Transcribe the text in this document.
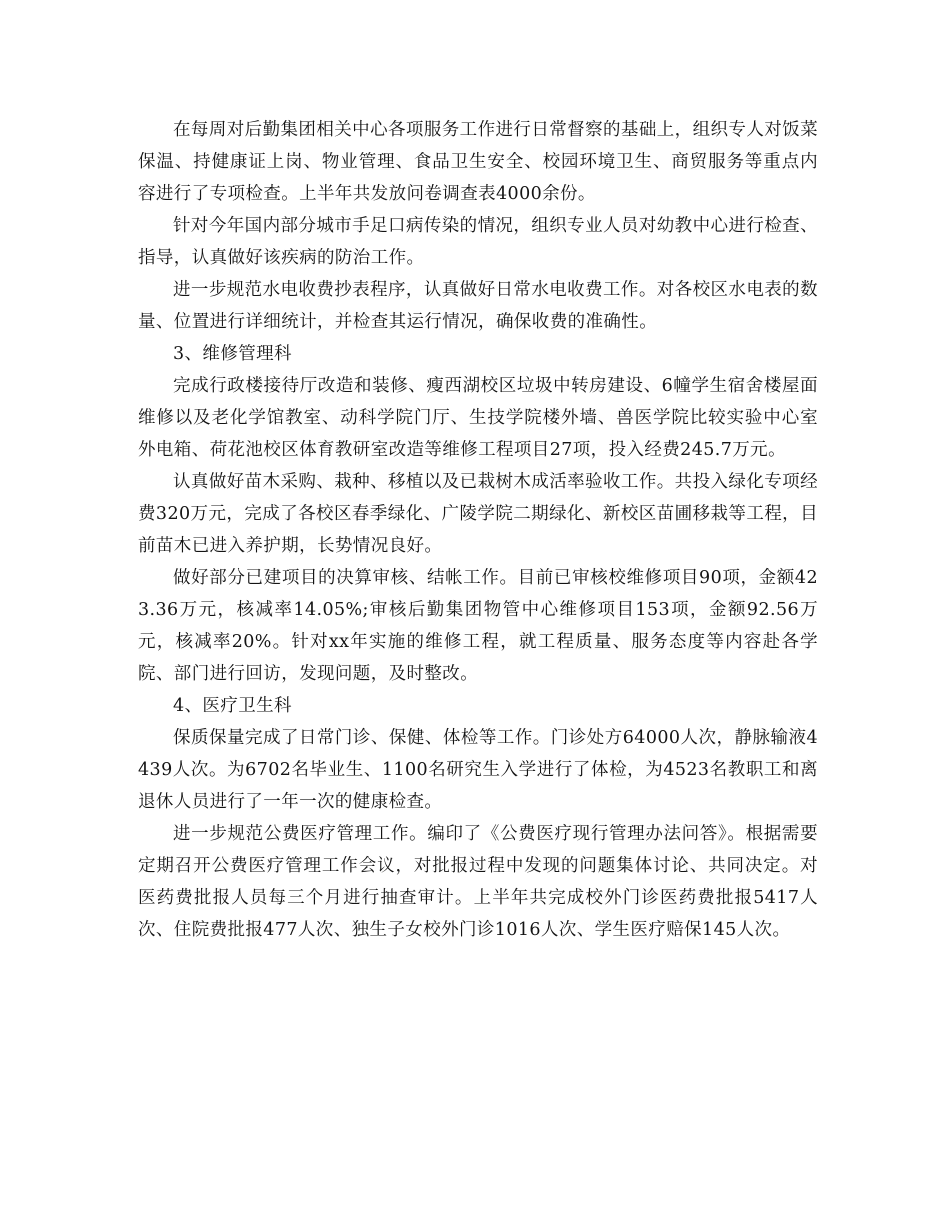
在每周对后勤集团相关中心各项服务工作进行日常督察的基础上，组织专人对饭菜保温、持健康证上岗、物业管理、食品卫生安全、校园环境卫生、商贸服务等重点内容进行了专项检查。上半年共发放问卷调查表4000余份。

针对今年国内部分城市手足口病传染的情况，组织专业人员对幼教中心进行检查、指导，认真做好该疾病的防治工作。

进一步规范水电收费抄表程序，认真做好日常水电收费工作。对各校区水电表的数量、位置进行详细统计，并检查其运行情况，确保收费的准确性。

3、维修管理科

完成行政楼接待厅改造和装修、瘦西湖校区垃圾中转房建设、6幢学生宿舍楼屋面维修以及老化学馆教室、动科学院门厅、生技学院楼外墙、兽医学院比较实验中心室外电箱、荷花池校区体育教研室改造等维修工程项目27项，投入经费245.7万元。

认真做好苗木采购、栽种、移植以及已栽树木成活率验收工作。共投入绿化专项经费320万元，完成了各校区春季绿化、广陵学院二期绿化、新校区苗圃移栽等工程，目前苗木已进入养护期，长势情况良好。

做好部分已建项目的决算审核、结帐工作。目前已审核校维修项目90项，金额423.36万元，核减率14.05%;审核后勤集团物管中心维修项目153项，金额92.56万元，核减率20%。针对xx年实施的维修工程，就工程质量、服务态度等内容赴各学院、部门进行回访，发现问题，及时整改。

4、医疗卫生科

保质保量完成了日常门诊、保健、体检等工作。门诊处方64000人次，静脉输液4439人次。为6702名毕业生、1100名研究生入学进行了体检，为4523名教职工和离退休人员进行了一年一次的健康检查。

进一步规范公费医疗管理工作。编印了《公费医疗现行管理办法问答》。根据需要定期召开公费医疗管理工作会议，对批报过程中发现的问题集体讨论、共同决定。对医药费批报人员每三个月进行抽查审计。上半年共完成校外门诊医药费批报5417人次、住院费批报477人次、独生子女校外门诊1016人次、学生医疗赔保145人次。
